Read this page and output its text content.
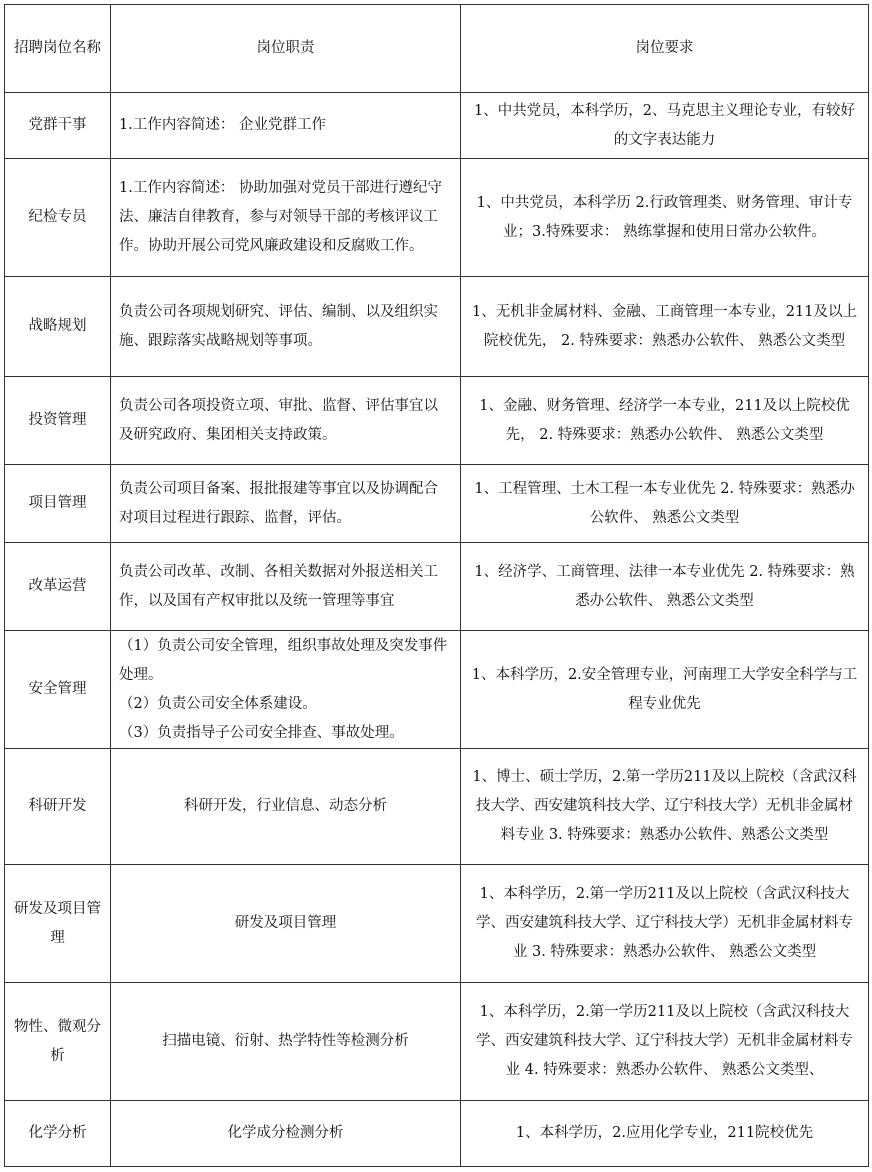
招聘岗位名称	岗位职责	岗位要求
党群干事	1.工作内容简述： 企业党群工作	1、中共党员，本科学历，2、马克思主义理论专业，有较好的文字表达能力
纪检专员	1.工作内容简述： 协助加强对党员干部进行遵纪守法、廉洁自律教育，参与对领导干部的考核评议工作。协助开展公司党风廉政建设和反腐败工作。	1、中共党员，本科学历 2.行政管理类、财务管理、审计专业；3.特殊要求： 熟练掌握和使用日常办公软件。
战略规划	负责公司各项规划研究、评估、编制、以及组织实施、跟踪落实战略规划等事项。	1、无机非金属材料、金融、工商管理一本专业，211及以上院校优先， 2. 特殊要求：熟悉办公软件、 熟悉公文类型
投资管理	负责公司各项投资立项、审批、监督、评估事宜以及研究政府、集团相关支持政策。	1、金融、财务管理、经济学一本专业，211及以上院校优先， 2. 特殊要求：熟悉办公软件、 熟悉公文类型
项目管理	负责公司项目备案、报批报建等事宜以及协调配合对项目过程进行跟踪、监督，评估。	1、工程管理、土木工程一本专业优先 2. 特殊要求：熟悉办公软件、 熟悉公文类型
改革运营	负责公司改革、改制、各相关数据对外报送相关工作，以及国有产权审批以及统一管理等事宜	1、经济学、工商管理、法律一本专业优先 2. 特殊要求：熟悉办公软件、 熟悉公文类型
安全管理	（1）负责公司安全管理，组织事故处理及突发事件处理。
（2）负责公司安全体系建设。
（3）负责指导子公司安全排查、事故处理。	1、本科学历，2.安全管理专业，河南理工大学安全科学与工程专业优先
科研开发	科研开发，行业信息、动态分析	1、博士、硕士学历，2.第一学历211及以上院校（含武汉科技大学、西安建筑科技大学、辽宁科技大学）无机非金属材料专业 3. 特殊要求：熟悉办公软件、熟悉公文类型
研发及项目管理	研发及项目管理	1、本科学历，2.第一学历211及以上院校（含武汉科技大学、西安建筑科技大学、辽宁科技大学）无机非金属材料专业 3. 特殊要求：熟悉办公软件、 熟悉公文类型
物性、微观分析	扫描电镜、衍射、热学特性等检测分析	1、本科学历，2.第一学历211及以上院校（含武汉科技大学、西安建筑科技大学、辽宁科技大学）无机非金属材料专业 4. 特殊要求：熟悉办公软件、 熟悉公文类型、
化学分析	化学成分检测分析	1、本科学历，2.应用化学专业，211院校优先
